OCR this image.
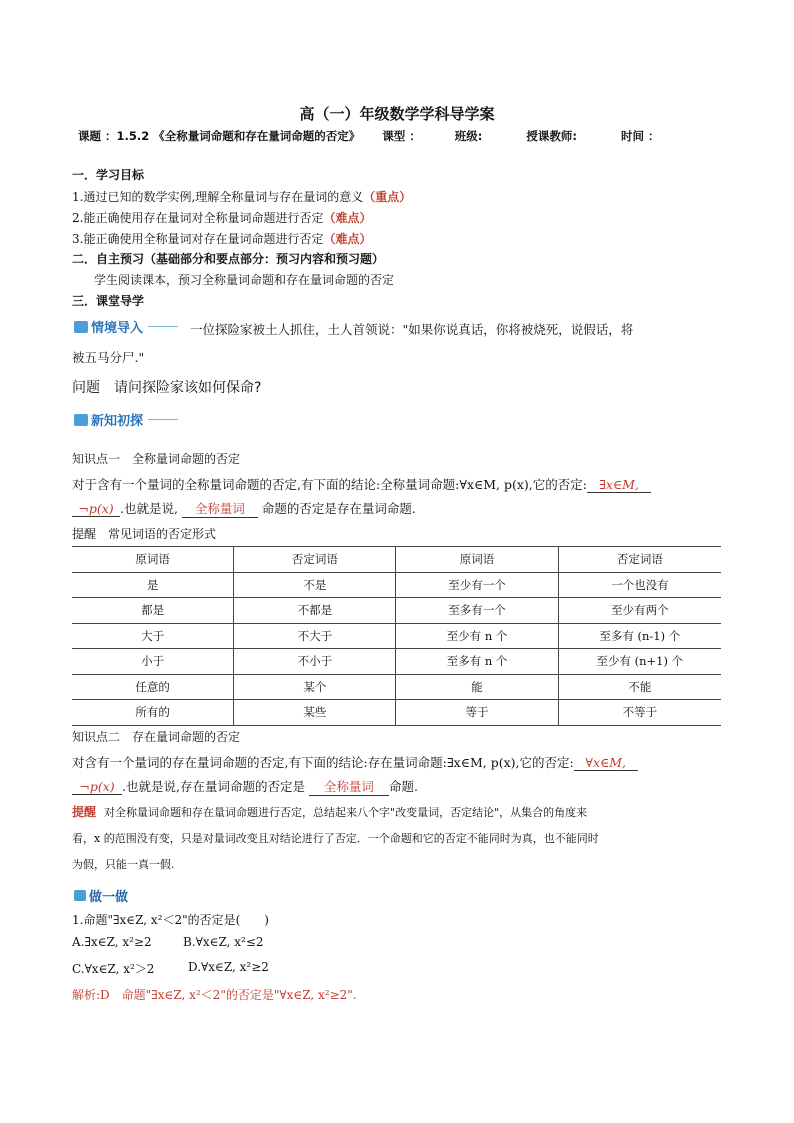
高（一）年级数学学科导学案
课题 ：1.5.2 《全称量词命题和存在量词命题的否定》 课型 ：	班级:	授课教师:	时间 ：
一．学习目标
1.通过已知的数学实例,理解全称量词与存在量词的意义（重点）
2.能正确使用存在量词对全称量词命题进行否定（难点）
3.能正确使用全称量词对存在量词命题进行否定（难点）
二．自主预习（基础部分和要点部分：预习内容和预习题）
学生阅读课本，预习全称量词命题和存在量词命题的否定
三．课堂导学
情境导入	一位探险家被土人抓住，土人首领说："如果你说真话，你将被烧死，说假话，将
被五马分尸."
问题　请问探险家该如何保命?
新知初探
知识点一　全称量词命题的否定
对于含有一个量词的全称量词命题的否定,有下面的结论:全称量词命题:∀x∈M, p(x),它的否定: ∃x∈M,
¬p(x) .也就是说, 全称量词 命题的否定是存在量词命题.
提醒　常见词语的否定形式
原词语	否定词语	原词语	否定词语
是	不是	至少有一个	一个也没有
都是	不都是	至多有一个	至少有两个
大于	不大于	至少有 n 个	至多有 (n-1) 个
小于	不小于	至多有 n 个	至少有 (n+1) 个
任意的	某个	能	不能
所有的	某些	等于	不等于
知识点二　存在量词命题的否定
对含有一个量词的存在量词命题的否定,有下面的结论:存在量词命题:∃x∈M, p(x),它的否定: ∀x∈M,
¬p(x) .也就是说,存在量词命题的否定是 全称量词 命题.
提醒 对全称量词命题和存在量词命题进行否定，总结起来八个字"改变量词，否定结论"，从集合的角度来
看，x 的范围没有变，只是对量词改变且对结论进行了否定．一个命题和它的否定不能同时为真，也不能同时
为假，只能一真一假.
做一做
1.命题"∃x∈Z, x²＜2"的否定是(　　)
A.∃x∈Z, x²≥2	B.∀x∈Z, x²≤2
C.∀x∈Z, x²＞2	D.∀x∈Z, x²≥2
解析:D　命题"∃x∈Z, x²＜2"的否定是"∀x∈Z, x²≥2".
